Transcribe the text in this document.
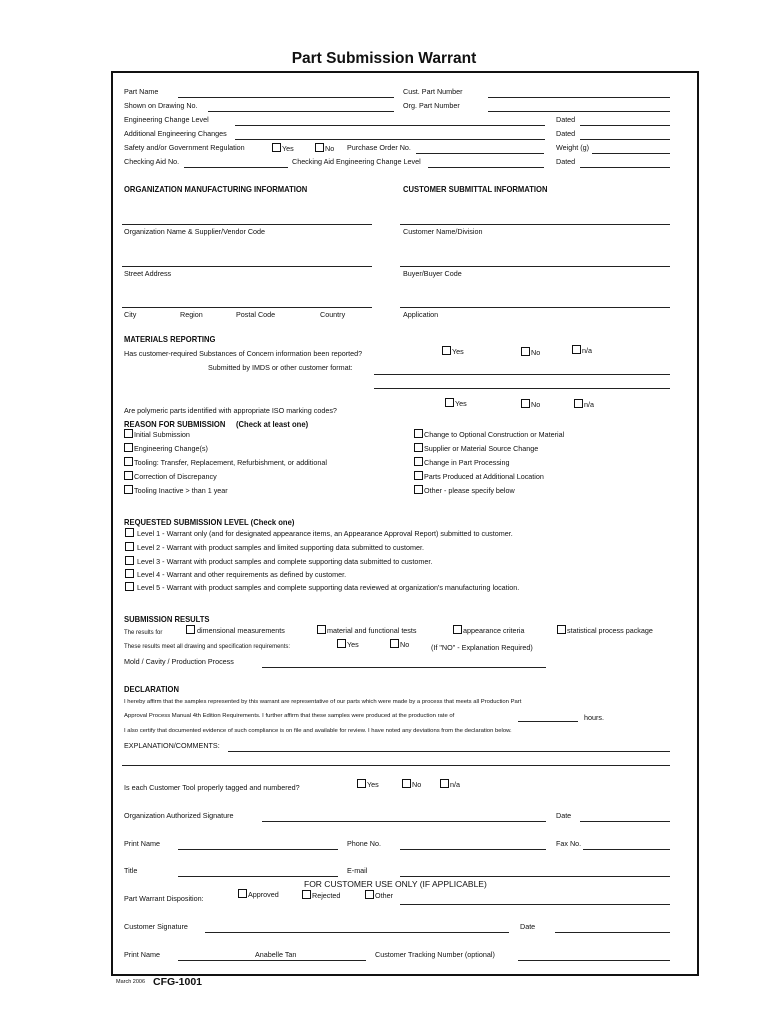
Part Submission Warrant
Part Name	Cust. Part Number
Shown on Drawing No.	Org. Part Number
Engineering Change Level	Dated
Additional Engineering Changes	Dated
Safety and/or Government Regulation	Yes	No Purchase Order No.	Weight (g)
Checking Aid No.	Checking Aid Engineering Change Level	Dated
ORGANIZATION MANUFACTURING INFORMATION	CUSTOMER SUBMITTAL INFORMATION
Organization Name & Supplier/Vendor Code	Customer Name/Division
Street Address	Buyer/Buyer Code
City	Region	Postal Code	Country	Application
MATERIALS REPORTING
Has customer-required Substances of Concern information been reported?	Yes	No	n/a
Submitted by IMDS or other customer format:
Are polymeric parts identified with appropriate ISO marking codes?
Yes	No	n/a
REASON FOR SUBMISSION (Check at least one)
Initial Submission
Engineering Change(s)
Tooling: Transfer, Replacement, Refurbishment, or additional
Correction of Discrepancy
Tooling Inactive > than 1 year
Change to Optional Construction or Material
Supplier or Material Source Change
Change in Part Processing
Parts Produced at Additional Location
Other - please specify below
REQUESTED SUBMISSION LEVEL (Check one)
Level 1 - Warrant only (and for designated appearance items, an Appearance Approval Report) submitted to customer.
Level 2 - Warrant with product samples and limited supporting data submitted to customer.
Level 3 - Warrant with product samples and complete supporting data submitted to customer.
Level 4 - Warrant and other requirements as defined by customer.
Level 5 - Warrant with product samples and complete supporting data reviewed at organization's manufacturing location.
SUBMISSION RESULTS
The results for	dimensional measurements	material and functional tests	appearance criteria	statistical process package
These results meet all drawing and specification requirements:	Yes	No	(If "NO" - Explanation Required)
Mold / Cavity / Production Process
DECLARATION
I hereby affirm that the samples represented by this warrant are representative of our parts which were made by a process that meets all Production Part
Approval Process Manual 4th Edition Requirements. I further affirm that these samples were produced at the production rate of	hours.
I also certify that documented evidence of such compliance is on file and available for review. I have noted any deviations from the declaration below.
EXPLANATION/COMMENTS:
Is each Customer Tool properly tagged and numbered?	Yes	No	n/a
Organization Authorized Signature	Date
Print Name	Phone No.	Fax No.
Title	E-mail
FOR CUSTOMER USE ONLY (IF APPLICABLE)
Part Warrant Disposition:	Approved	Rejected	Other
Customer Signature	Date
Print Name	Anabelle Tan	Customer Tracking Number (optional)
March 2006 CFG-1001
